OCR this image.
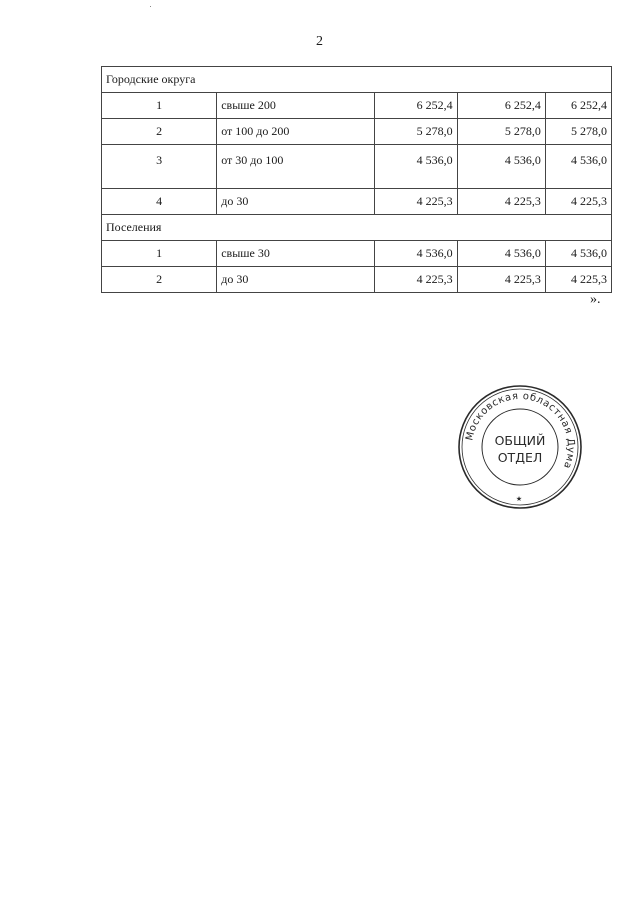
2
Городские округа				
1	свыше 200	6 252,4	6 252,4	6 252,4
2	от 100 до 200	5 278,0	5 278,0	5 278,0
3	от 30 до 100	4 536,0	4 536,0	4 536,0
4	до 30	4 225,3	4 225,3	4 225,3
Поселения				
1	свыше 30	4 536,0	4 536,0	4 536,0
2	до 30	4 225,3	4 225,3	4 225,3
».
Московская областная Дума
ОБЩИЙ
ОТДЕЛ
★
